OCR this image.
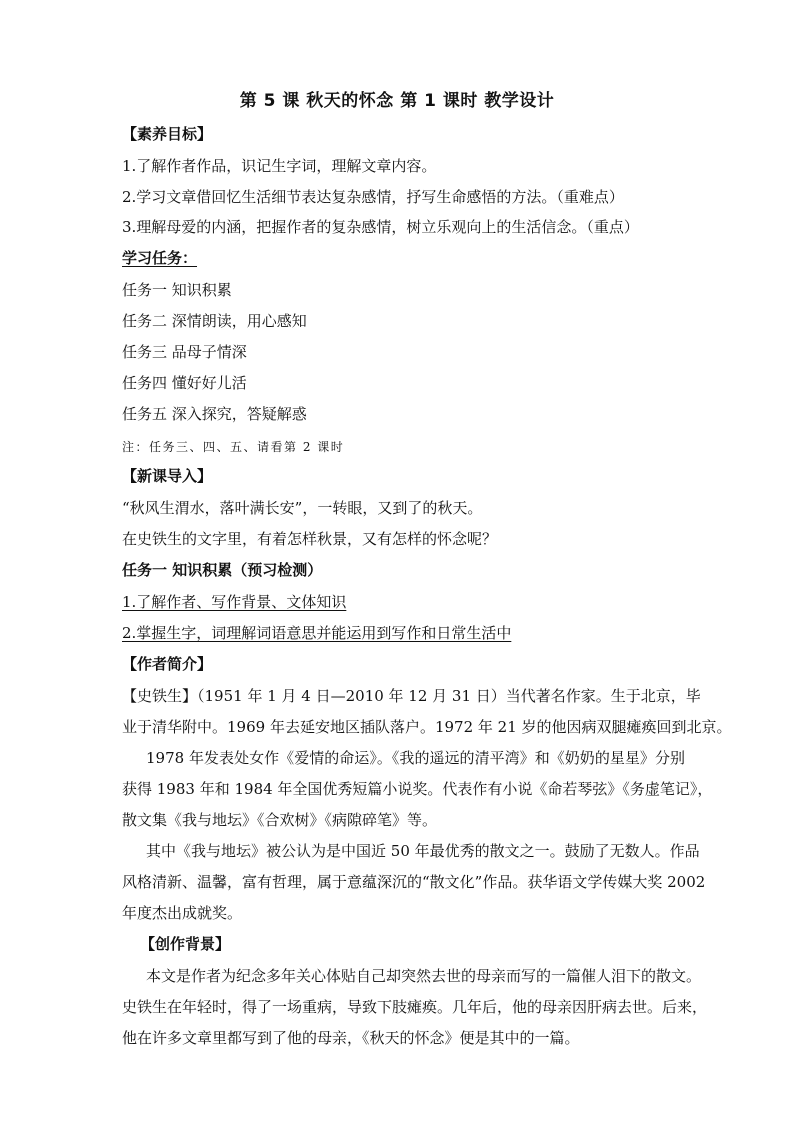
第 5 课 秋天的怀念 第 1 课时 教学设计
【素养目标】
1.了解作者作品，识记生字词，理解文章内容。
2.学习文章借回忆生活细节表达复杂感情，抒写生命感悟的方法。（重难点）
3.理解母爱的内涵，把握作者的复杂感情，树立乐观向上的生活信念。（重点）
学习任务：
任务一 知识积累
任务二 深情朗读，用心感知
任务三 品母子情深
任务四 懂好好儿活
任务五 深入探究，答疑解惑
注：任务三、四、五、请看第 2 课时
【新课导入】
“秋风生渭水，落叶满长安”，一转眼，又到了的秋天。
在史铁生的文字里，有着怎样秋景，又有怎样的怀念呢？
任务一 知识积累（预习检测）
1.了解作者、写作背景、文体知识
2.掌握生字，词理解词语意思并能运用到写作和日常生活中
【作者简介】
【史铁生】（1951 年 1 月 4 日—2010 年 12 月 31 日）当代著名作家。生于北京，毕
业于清华附中。1969 年去延安地区插队落户。1972 年 21 岁的他因病双腿瘫痪回到北京。
1978 年发表处女作《爱情的命运》。《我的遥远的清平湾》和《奶奶的星星》分别
获得 1983 年和 1984 年全国优秀短篇小说奖。代表作有小说《命若琴弦》《务虚笔记》，
散文集《我与地坛》《合欢树》《病隙碎笔》等。
其中《我与地坛》被公认为是中国近 50 年最优秀的散文之一。鼓励了无数人。作品
风格清新、温馨，富有哲理，属于意蕴深沉的“散文化”作品。获华语文学传媒大奖 2002
年度杰出成就奖。
【创作背景】
本文是作者为纪念多年关心体贴自己却突然去世的母亲而写的一篇催人泪下的散文。
史铁生在年轻时，得了一场重病，导致下肢瘫痪。几年后，他的母亲因肝病去世。后来，
他在许多文章里都写到了他的母亲，《秋天的怀念》便是其中的一篇。
